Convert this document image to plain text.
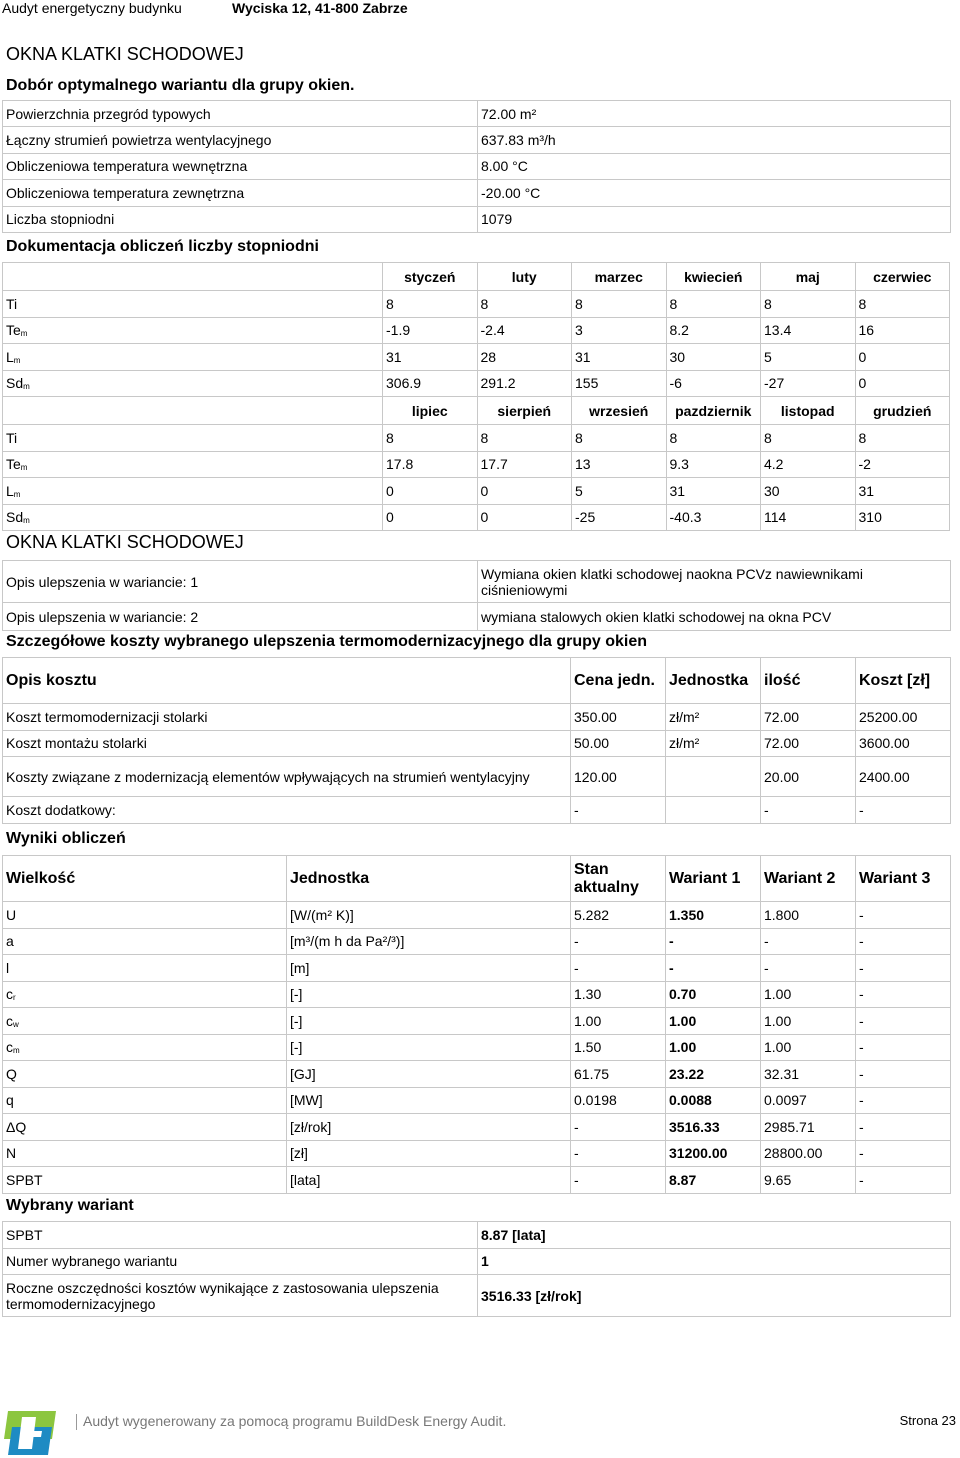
Audyt energetyczny budynku	Wyciska 12, 41-800 Zabrze
OKNA KLATKI SCHODOWEJ
Dobór optymalnego wariantu dla grupy okien.
Powierzchnia przegród typowych	72.00 m²
Łączny strumień powietrza wentylacyjnego	637.83 m³/h
Obliczeniowa temperatura wewnętrzna	8.00 °C
Obliczeniowa temperatura zewnętrzna	-20.00 °C
Liczba stopniodni	1079
Dokumentacja obliczeń liczby stopniodni
	styczeń	luty	marzec	kwiecień	maj	czerwiec
Ti	8	8	8	8	8	8
$Te_m$	-1.9	-2.4	3	8.2	13.4	16
$L_m$	31	28	31	30	5	0
$Sd_m$	306.9	291.2	155	-6	-27	0
	lipiec	sierpień	wrzesień	pazdziernik	listopad	grudzień
Ti	8	8	8	8	8	8
$Te_m$	17.8	17.7	13	9.3	4.2	-2
$L_m$	0	0	5	31	30	31
$Sd_m$	0	0	-25	-40.3	114	310
OKNA KLATKI SCHODOWEJ
Opis ulepszenia w wariancie: 1	Wymiana okien klatki schodowej naokna PCVz nawiewnikami ciśnieniowymi
Opis ulepszenia w wariancie: 2	wymiana stalowych okien klatki schodowej na okna PCV
Szczegółowe koszty wybranego ulepszenia termomodernizacyjnego dla grupy okien
Opis kosztu	Cena jedn.	Jednostka	ilość	Koszt [zł]
Koszt termomodernizacji stolarki	350.00	zł/m²	72.00	25200.00
Koszt montażu stolarki	50.00	zł/m²	72.00	3600.00
Koszty związane z modernizacją elementów wpływających na strumień wentylacyjny	120.00		20.00	2400.00
Koszt dodatkowy:	-		-	-
Wyniki obliczeń
Wielkość	Jednostka	Stan aktualny	Wariant 1	Wariant 2	Wariant 3
U	[W/(m² K)]	5.282	1.350	1.800	-
a	[m³/(m h da Pa²/³)]	-	-	-	-
l	[m]	-	-	-	-
$c_r$	[-]	1.30	0.70	1.00	-
$c_w$	[-]	1.00	1.00	1.00	-
$c_m$	[-]	1.50	1.00	1.00	-
Q	[GJ]	61.75	23.22	32.31	-
q	[MW]	0.0198	0.0088	0.0097	-
ΔQ	[zł/rok]	-	3516.33	2985.71	-
N	[zł]	-	31200.00	28800.00	-
SPBT	[lata]	-	8.87	9.65	-
Wybrany wariant
SPBT	8.87 [lata]
Numer wybranego wariantu	1
Roczne oszczędności kosztów wynikające z zastosowania ulepszenia termomodernizacyjnego	3516.33 [zł/rok]
Audyt wygenerowany za pomocą programu BuildDesk Energy Audit.	Strona 23
